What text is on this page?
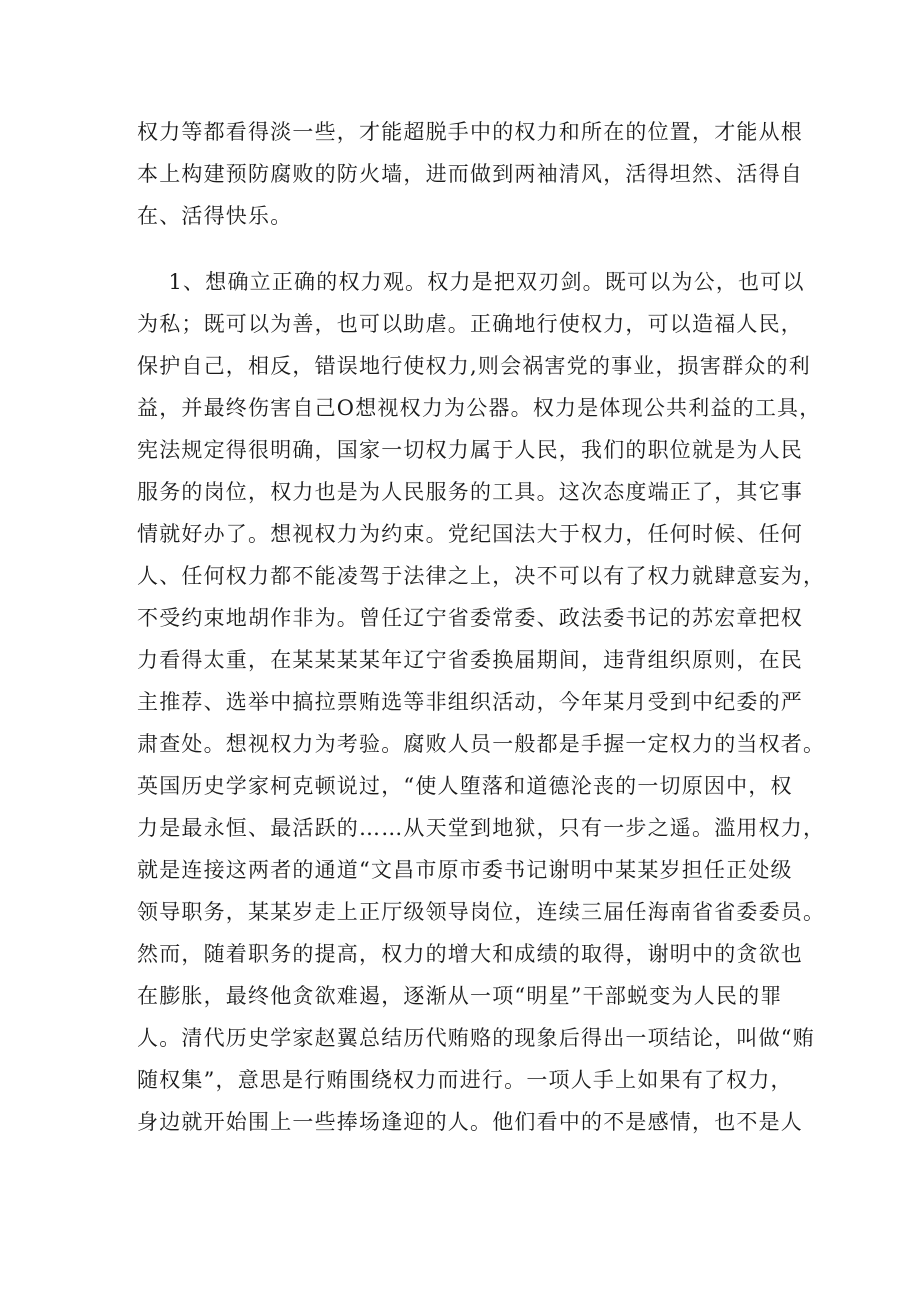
权力等都看得淡一些，才能超脱手中的权力和所在的位置，才能从根
本上构建预防腐败的防火墙，进而做到两袖清风，活得坦然、活得自
在、活得快乐。
1、想确立正确的权力观。权力是把双刃剑。既可以为公，也可以
为私；既可以为善，也可以助虐。正确地行使权力，可以造福人民，
保护自己，相反，错误地行使权力,则会祸害党的事业，损害群众的利
益，并最终伤害自己O想视权力为公器。权力是体现公共利益的工具，
宪法规定得很明确，国家一切权力属于人民，我们的职位就是为人民
服务的岗位，权力也是为人民服务的工具。这次态度端正了，其它事
情就好办了。想视权力为约束。党纪国法大于权力，任何时候、任何
人、任何权力都不能凌驾于法律之上，决不可以有了权力就肆意妄为，
不受约束地胡作非为。曾任辽宁省委常委、政法委书记的苏宏章把权
力看得太重，在某某某某年辽宁省委换届期间，违背组织原则，在民
主推荐、选举中搞拉票贿选等非组织活动，今年某月受到中纪委的严
肃查处。想视权力为考验。腐败人员一般都是手握一定权力的当权者。
英国历史学家柯克顿说过，“使人堕落和道德沦丧的一切原因中，权
力是最永恒、最活跃的……从天堂到地狱，只有一步之遥。滥用权力，
就是连接这两者的通道“文昌市原市委书记谢明中某某岁担任正处级
领导职务，某某岁走上正厅级领导岗位，连续三届任海南省省委委员。
然而，随着职务的提高，权力的增大和成绩的取得，谢明中的贪欲也
在膨胀，最终他贪欲难遏，逐渐从一项“明星”干部蜕变为人民的罪
人。清代历史学家赵翼总结历代贿赂的现象后得出一项结论，叫做“贿
随权集”，意思是行贿围绕权力而进行。一项人手上如果有了权力，
身边就开始围上一些捧场逢迎的人。他们看中的不是感情，也不是人
